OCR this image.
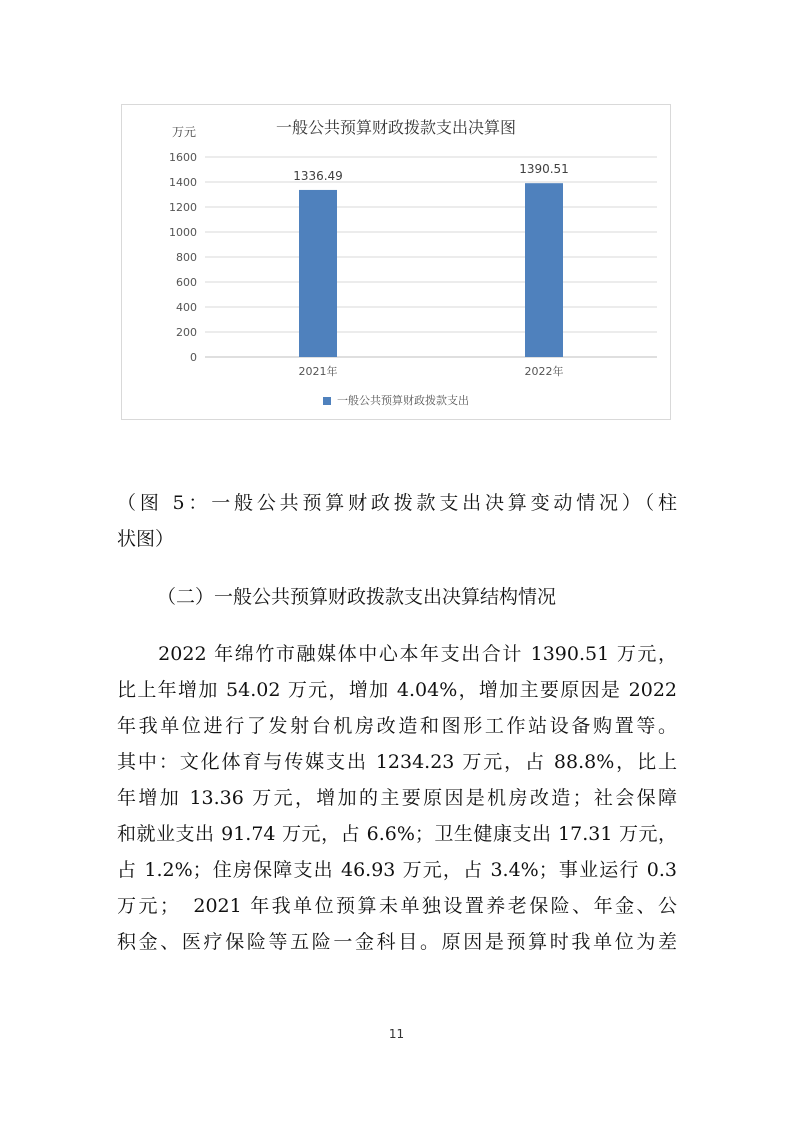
0
200
400
600
800
1000
1200
1400
1600
1336.49
2021年
1390.51
2022年
万元	一般公共预算财政拨款支出决算图
一般公共预算财政拨款支出
（图 5：一般公共预算财政拨款支出决算变动情况）（柱
状图）
（二）一般公共预算财政拨款支出决算结构情况
　　2022 年绵竹市融媒体中心本年支出合计 1390.51 万元，
比上年增加 54.02 万元，增加 4.04%，增加主要原因是 2022
年我单位进行了发射台机房改造和图形工作站设备购置等。
其中：文化体育与传媒支出 1234.23 万元，占 88.8%，比上
年增加 13.36 万元，增加的主要原因是机房改造；社会保障
和就业支出 91.74 万元，占 6.6%；卫生健康支出 17.31 万元，
占 1.2%；住房保障支出 46.93 万元，占 3.4%；事业运行 0.3
万元；　2021 年我单位预算未单独设置养老保险、年金、公
积金、医疗保险等五险一金科目。原因是预算时我单位为差
11
